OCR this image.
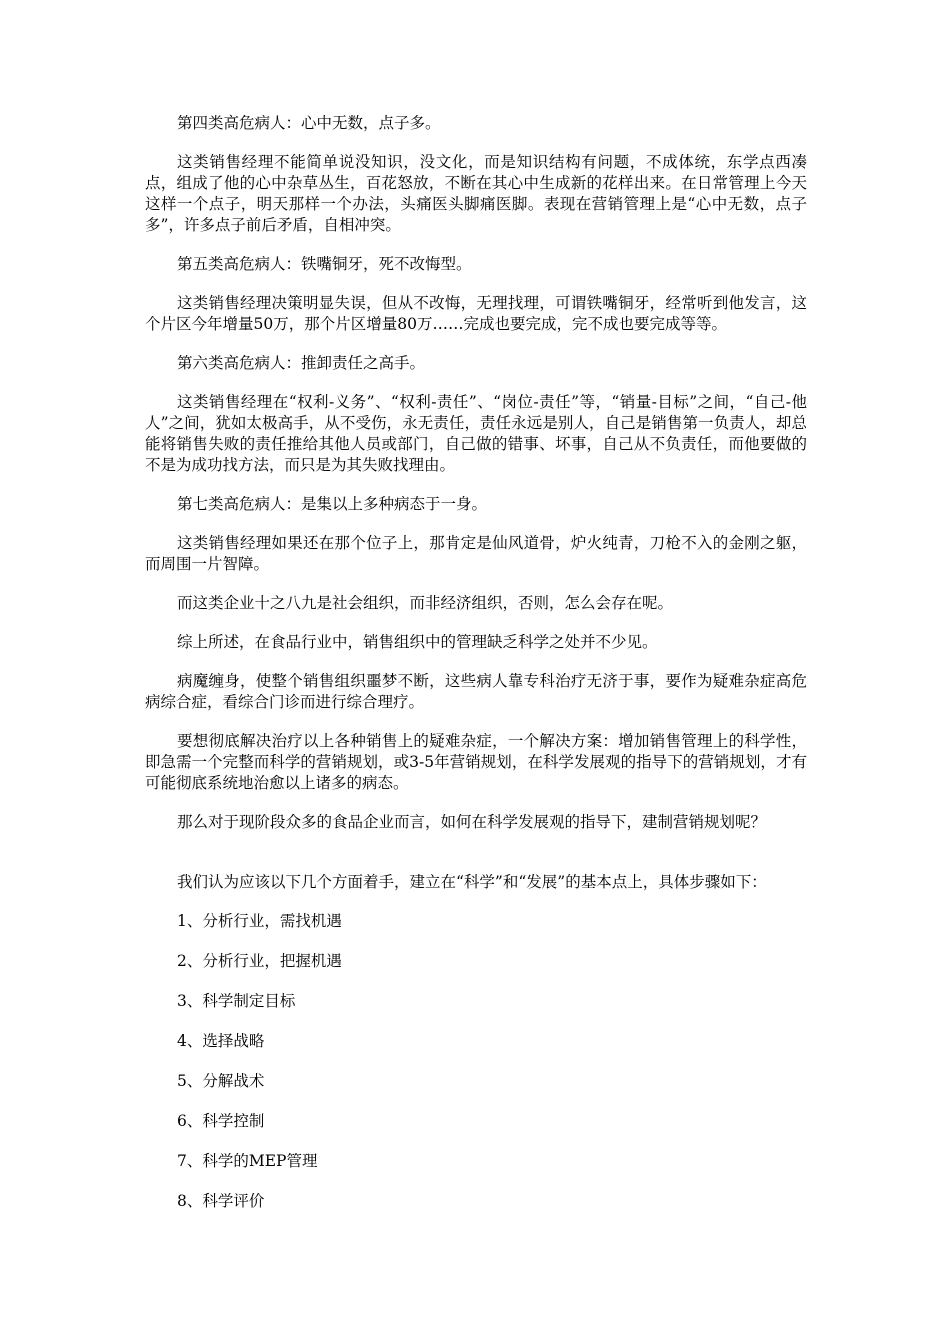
第四类高危病人：心中无数，点子多。

这类销售经理不能简单说没知识，没文化，而是知识结构有问题，不成体统，东学点西凑点，组成了他的心中杂草丛生，百花怒放，不断在其心中生成新的花样出来。在日常管理上今天这样一个点子，明天那样一个办法，头痛医头脚痛医脚。表现在营销管理上是“心中无数，点子多”，许多点子前后矛盾，自相冲突。

第五类高危病人：铁嘴铜牙，死不改悔型。

这类销售经理决策明显失误，但从不改悔，无理找理，可谓铁嘴铜牙，经常听到他发言，这个片区今年增量50万，那个片区增量80万……完成也要完成，完不成也要完成等等。

第六类高危病人：推卸责任之高手。

这类销售经理在“权利-义务”、“权利-责任”、“岗位-责任”等，“销量-目标”之间，“自己-他人”之间，犹如太极高手，从不受伤，永无责任，责任永远是别人，自己是销售第一负责人，却总能将销售失败的责任推给其他人员或部门，自己做的错事、坏事，自己从不负责任，而他要做的不是为成功找方法，而只是为其失败找理由。

第七类高危病人：是集以上多种病态于一身。

这类销售经理如果还在那个位子上，那肯定是仙风道骨，炉火纯青，刀枪不入的金刚之躯，而周围一片智障。

而这类企业十之八九是社会组织，而非经济组织，否则，怎么会存在呢。

综上所述，在食品行业中，销售组织中的管理缺乏科学之处并不少见。

病魔缠身，使整个销售组织噩梦不断，这些病人靠专科治疗无济于事，要作为疑难杂症高危病综合症，看综合门诊而进行综合理疗。

要想彻底解决治疗以上各种销售上的疑难杂症，一个解决方案：增加销售管理上的科学性，即急需一个完整而科学的营销规划，或3-5年营销规划，在科学发展观的指导下的营销规划，才有可能彻底系统地治愈以上诸多的病态。

那么对于现阶段众多的食品企业而言，如何在科学发展观的指导下，建制营销规划呢？

我们认为应该以下几个方面着手，建立在“科学”和“发展”的基本点上，具体步骤如下：

1、分析行业，需找机遇

2、分析行业，把握机遇

3、科学制定目标

4、选择战略

5、分解战术

6、科学控制

7、科学的MEP管理

8、科学评价
